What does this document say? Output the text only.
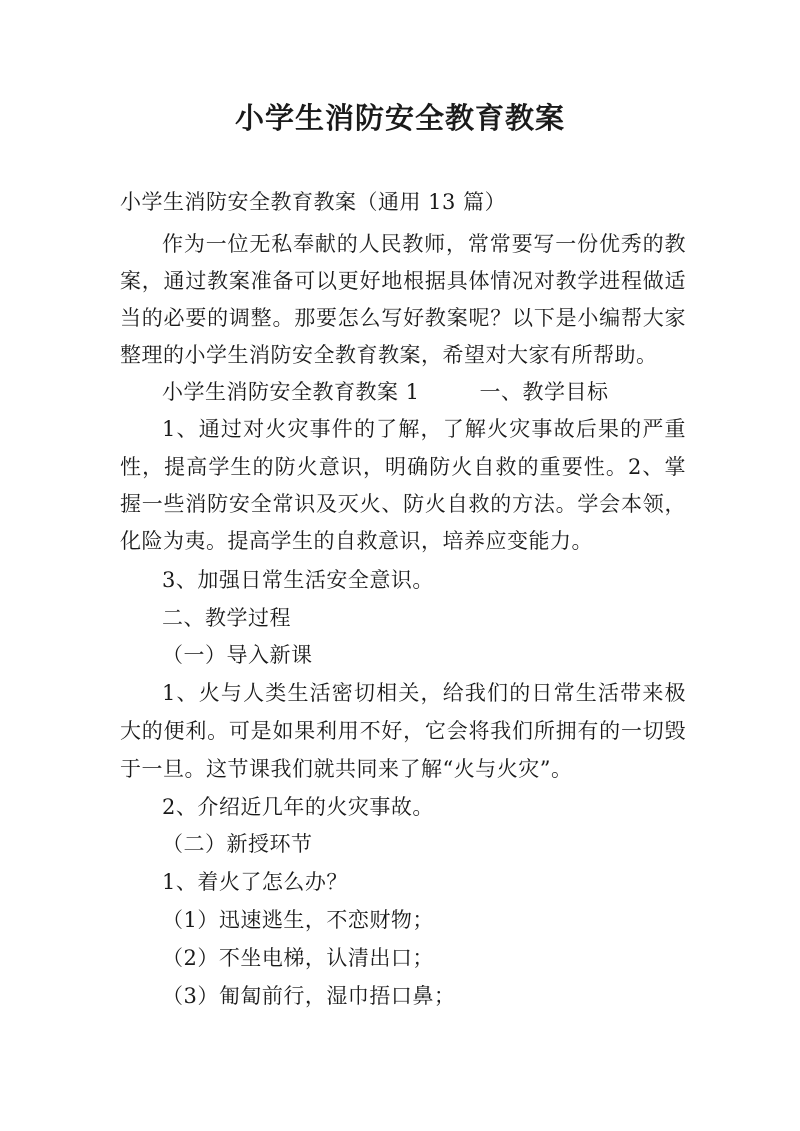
小学生消防安全教育教案
小学生消防安全教育教案（通用 13 篇）
作为一位无私奉献的人民教师，常常要写一份优秀的教
案，通过教案准备可以更好地根据具体情况对教学进程做适
当的必要的调整。那要怎么写好教案呢？以下是小编帮大家
整理的小学生消防安全教育教案，希望对大家有所帮助。
小学生消防安全教育教案 1	一、教学目标
1、通过对火灾事件的了解，了解火灾事故后果的严重
性，提高学生的防火意识，明确防火自救的重要性。2、掌
握一些消防安全常识及灭火、防火自救的方法。学会本领，
化险为夷。提高学生的自救意识，培养应变能力。
3、加强日常生活安全意识。
二、教学过程
（一）导入新课
1、火与人类生活密切相关，给我们的日常生活带来极
大的便利。可是如果利用不好，它会将我们所拥有的一切毁
于一旦。这节课我们就共同来了解“火与火灾”。
2、介绍近几年的火灾事故。
（二）新授环节
1、着火了怎么办？
（1）迅速逃生，不恋财物；
（2）不坐电梯，认清出口；
（3）匍匐前行，湿巾捂口鼻；
